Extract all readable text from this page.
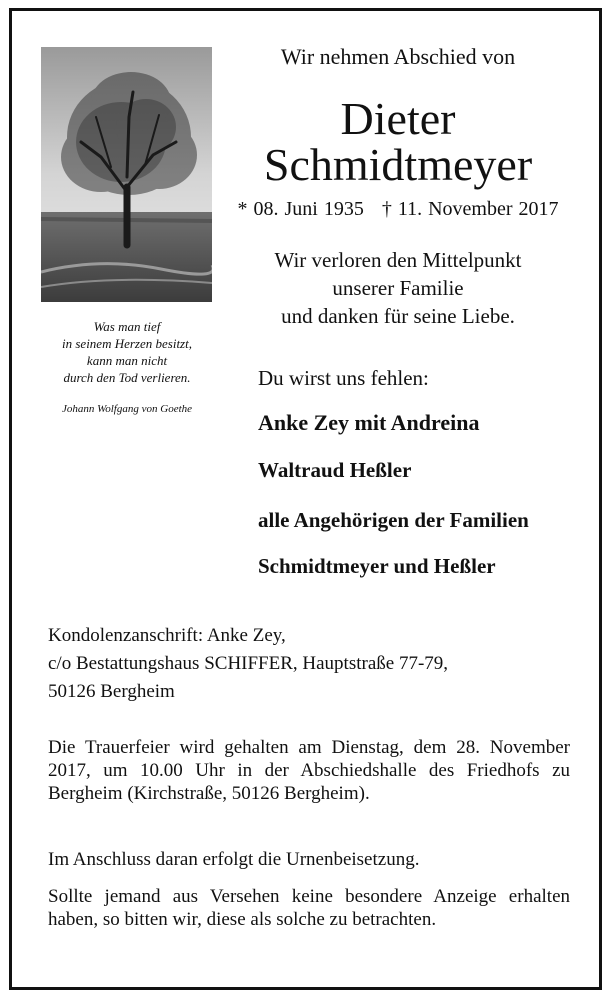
Was man tief
in seinem Herzen besitzt,
kann man nicht
durch den Tod verlieren.
Johann Wolfgang von Goethe
Wir nehmen Abschied von
Dieter
Schmidtmeyer
* 08. Juni 1935 † 11. November 2017
Wir verloren den Mittelpunkt
unserer Familie
und danken für seine Liebe.
Du wirst uns fehlen:
Anke Zey mit Andreina
Waltraud Heßler
alle Angehörigen der Familien
Schmidtmeyer und Heßler
Kondolenzanschrift: Anke Zey,
c/o Bestattungshaus SCHIFFER, Hauptstraße 77-79,
50126 Bergheim
Die Trauerfeier wird gehalten am Dienstag, dem 28. November 2017, um 10.00 Uhr in der Abschiedshalle des Friedhofs zu Bergheim (Kirchstraße, 50126 Bergheim).
Im Anschluss daran erfolgt die Urnenbeisetzung.
Sollte jemand aus Versehen keine besondere Anzeige erhalten haben, so bitten wir, diese als solche zu betrachten.
